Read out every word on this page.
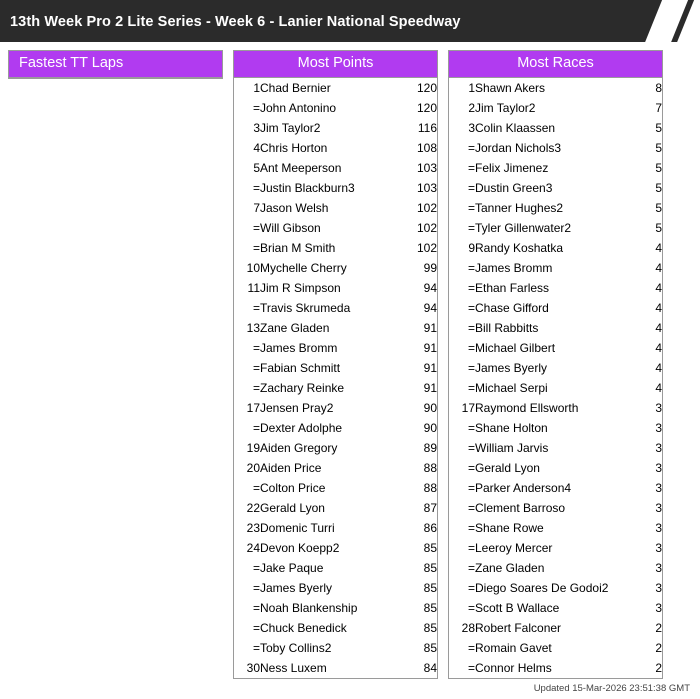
13th Week Pro 2 Lite Series - Week 6 - Lanier National Speedway
Fastest TT Laps	Most Points
1	Chad Bernier	120
=	John Antonino	120
3	Jim Taylor2	116
4	Chris Horton	108
5	Ant Meeperson	103
=	Justin Blackburn3	103
7	Jason Welsh	102
=	Will Gibson	102
=	Brian M Smith	102
10	Mychelle Cherry	99
11	Jim R Simpson	94
=	Travis Skrumeda	94
13	Zane Gladen	91
=	James Bromm	91
=	Fabian Schmitt	91
=	Zachary Reinke	91
17	Jensen Pray2	90
=	Dexter Adolphe	90
19	Aiden Gregory	89
20	Aiden Price	88
=	Colton Price	88
22	Gerald Lyon	87
23	Domenic Turri	86
24	Devon Koepp2	85
=	Jake Paque	85
=	James Byerly	85
=	Noah Blankenship	85
=	Chuck Benedick	85
=	Toby Collins2	85
30	Ness Luxem	84
Most Races
1	Shawn Akers	8
2	Jim Taylor2	7
3	Colin Klaassen	5
=	Jordan Nichols3	5
=	Felix Jimenez	5
=	Dustin Green3	5
=	Tanner Hughes2	5
=	Tyler Gillenwater2	5
9	Randy Koshatka	4
=	James Bromm	4
=	Ethan Farless	4
=	Chase Gifford	4
=	Bill Rabbitts	4
=	Michael Gilbert	4
=	James Byerly	4
=	Michael Serpi	4
17	Raymond Ellsworth	3
=	Shane Holton	3
=	William Jarvis	3
=	Gerald Lyon	3
=	Parker Anderson4	3
=	Clement Barroso	3
=	Shane Rowe	3
=	Leeroy Mercer	3
=	Zane Gladen	3
=	Diego Soares De Godoi2	3
=	Scott B Wallace	3
28	Robert Falconer	2
=	Romain Gavet	2
=	Connor Helms	2
Updated 15-Mar-2026 23:51:38 GMT
